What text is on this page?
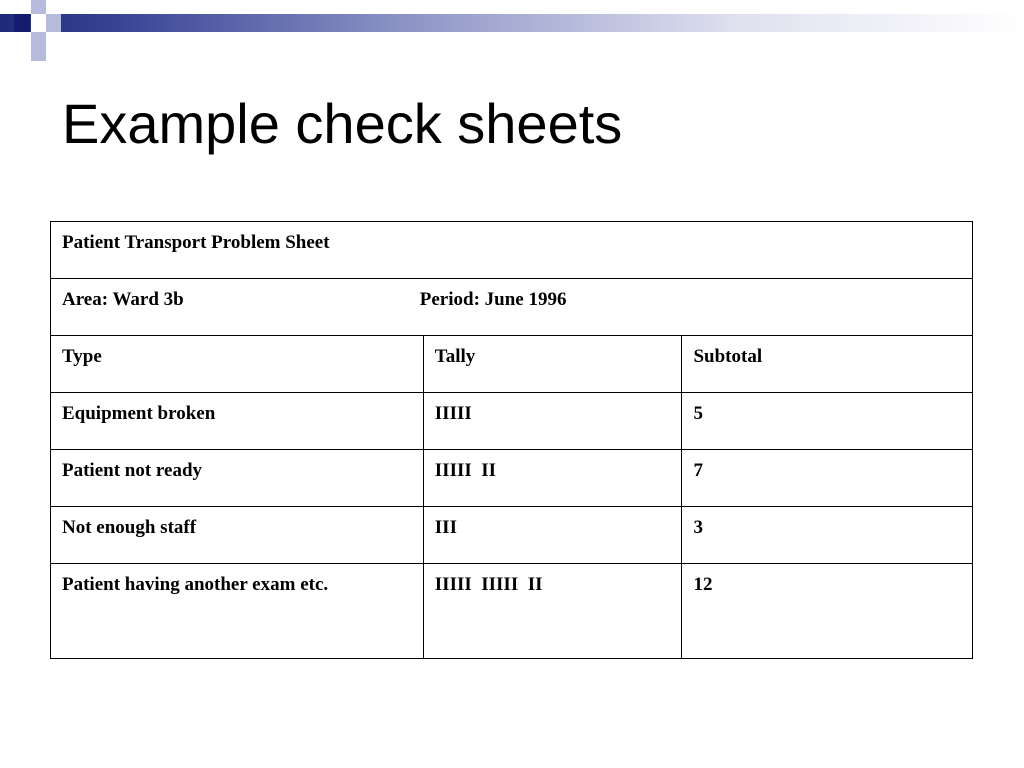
Example check sheets
Patient Transport Problem Sheet		
Area: Ward 3b Period: June 1996		
Type	Tally	Subtotal
Equipment broken	IIIII	5
Patient not ready	IIIII  II	7
Not enough staff	III	3
Patient having another exam etc.	IIIII  IIIII  II	12
